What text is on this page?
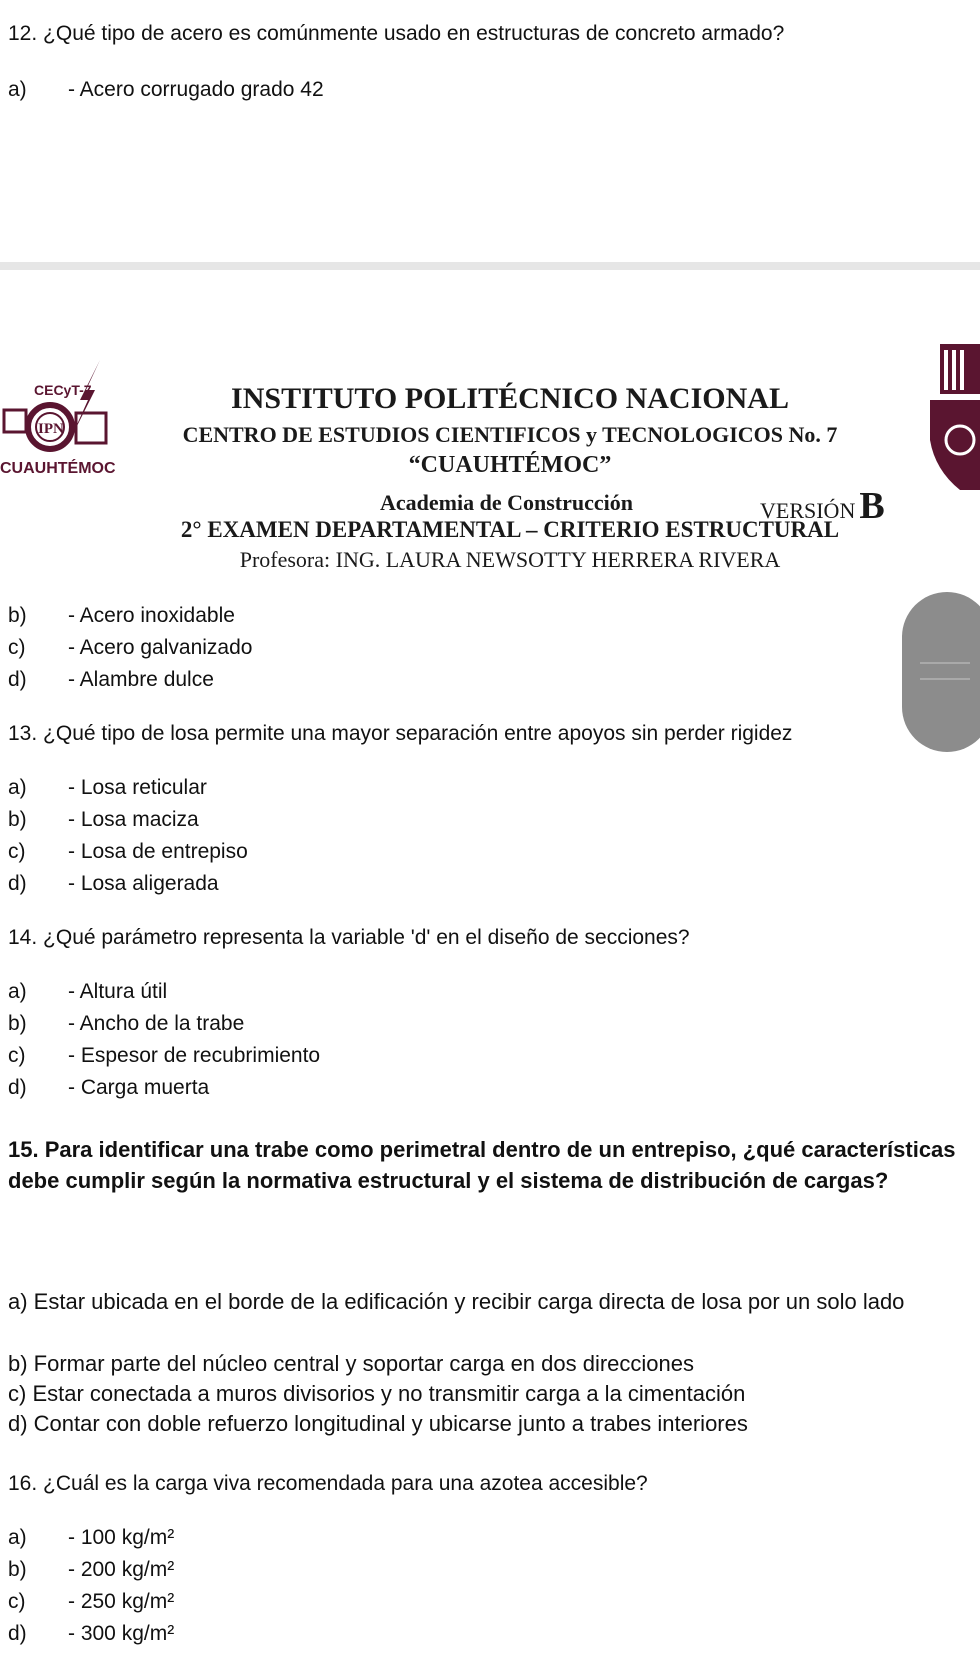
12. ¿Qué tipo de acero es comúnmente usado en estructuras de concreto armado?
a) - Acero corrugado grado 42
CECyT-7
IPN
CUAUHTÉMOC
INSTITUTO POLITÉCNICO NACIONAL
CENTRO DE ESTUDIOS CIENTIFICOS y TECNOLOGICOS No. 7
“CUAUHTÉMOC”
Academia de Construcción	VERSIÓN B
2° EXAMEN DEPARTAMENTAL – CRITERIO ESTRUCTURAL
Profesora: ING. LAURA NEWSOTTY HERRERA RIVERA
b) - Acero inoxidable
c) - Acero galvanizado
d) - Alambre dulce
13. ¿Qué tipo de losa permite una mayor separación entre apoyos sin perder rigidez
a) - Losa reticular
b) - Losa maciza
c) - Losa de entrepiso
d) - Losa aligerada
14. ¿Qué parámetro representa la variable 'd' en el diseño de secciones?
a) - Altura útil
b) - Ancho de la trabe
c) - Espesor de recubrimiento
d) - Carga muerta
15. Para identificar una trabe como perimetral dentro de un entrepiso, ¿qué características debe cumplir según la normativa estructural y el sistema de distribución de cargas?
a) Estar ubicada en el borde de la edificación y recibir carga directa de losa por un solo lado
b) Formar parte del núcleo central y soportar carga en dos direcciones
c) Estar conectada a muros divisorios y no transmitir carga a la cimentación
d) Contar con doble refuerzo longitudinal y ubicarse junto a trabes interiores
16. ¿Cuál es la carga viva recomendada para una azotea accesible?
a) - 100 kg/m²
b) - 200 kg/m²
c) - 250 kg/m²
d) - 300 kg/m²
